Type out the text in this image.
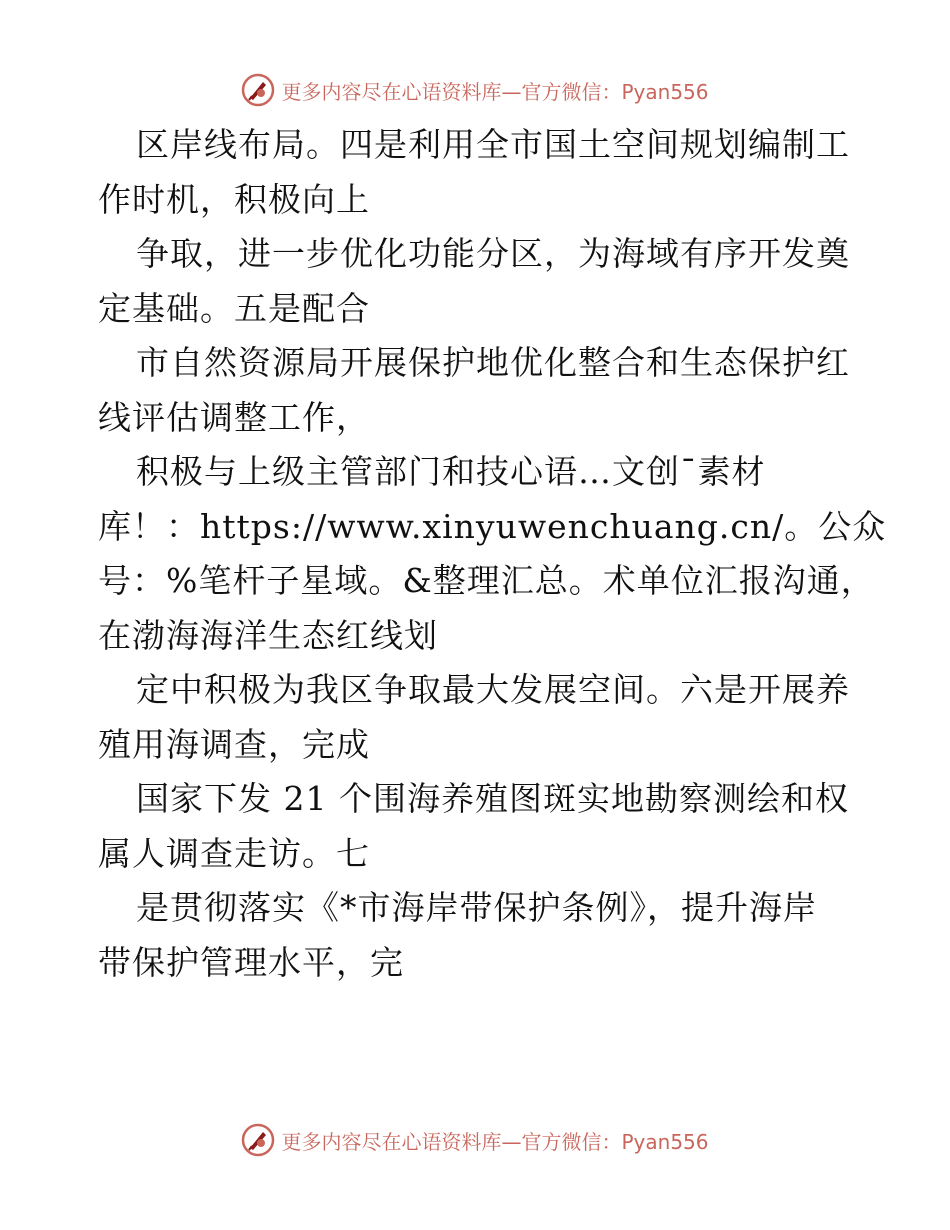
更多内容尽在心语资料库—官方微信：Pyan556
区岸线布局。四是利用全市国土空间规划编制工
作时机，积极向上
争取，进一步优化功能分区，为海域有序开发奠
定基础。五是配合
市自然资源局开展保护地优化整合和生态保护红
线评估调整工作，
积极与上级主管部门和技心语…文创¯素材
库！：https://www.xinyuwenchuang.cn/。公众
号：%笔杆子星域。&整理汇总。术单位汇报沟通，
在渤海海洋生态红线划
定中积极为我区争取最大发展空间。六是开展养
殖用海调查，完成
国家下发 21 个围海养殖图斑实地勘察测绘和权
属人调查走访。七
是贯彻落实《*市海岸带保护条例》，提升海岸
带保护管理水平，完
更多内容尽在心语资料库—官方微信：Pyan556
